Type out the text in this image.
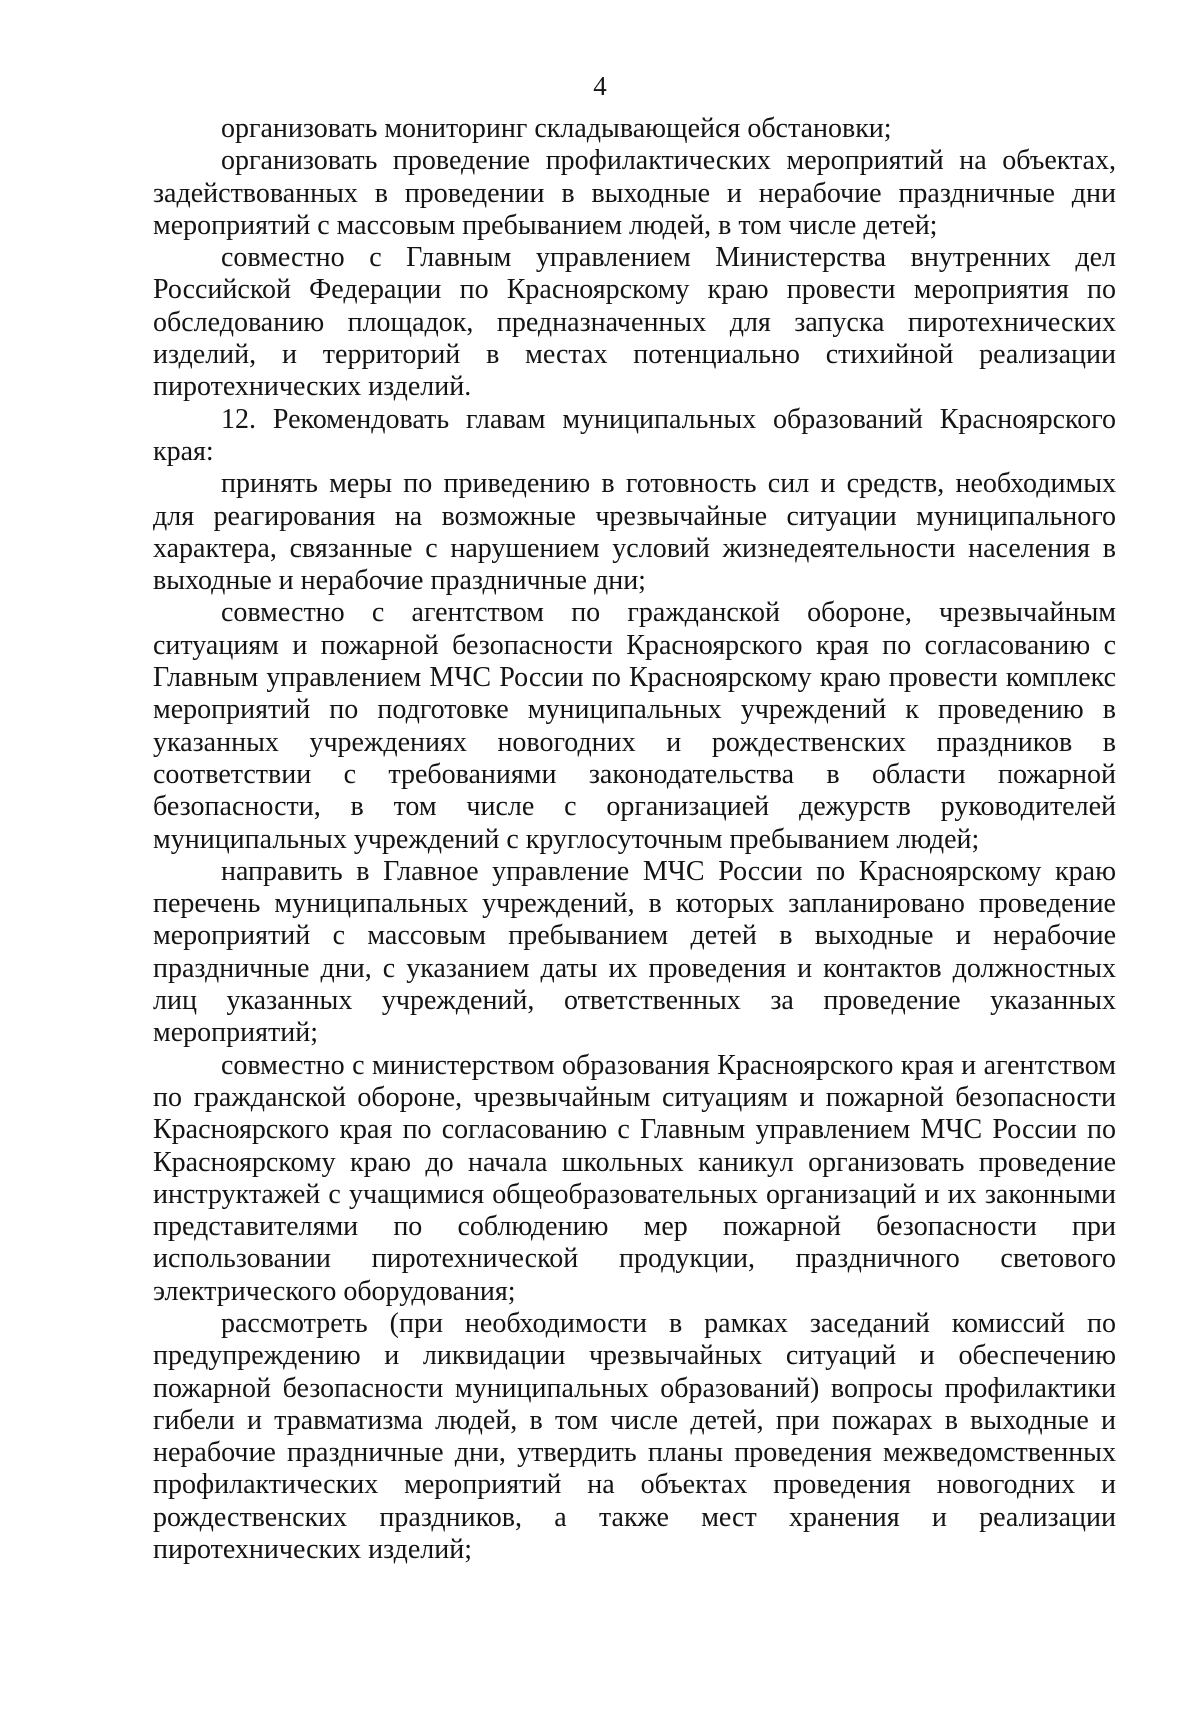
4

организовать мониторинг складывающейся обстановки;

организовать проведение профилактических мероприятий на объектах, задействованных в проведении в выходные и нерабочие праздничные дни мероприятий с массовым пребыванием людей, в том числе детей;

совместно с Главным управлением Министерства внутренних дел Российской Федерации по Красноярскому краю провести мероприятия по обследованию площадок, предназначенных для запуска пиротехнических изделий, и территорий в местах потенциально стихийной реализации пиротехнических изделий.

12. Рекомендовать главам муниципальных образований Красноярского края:

принять меры по приведению в готовность сил и средств, необходимых для реагирования на возможные чрезвычайные ситуации муниципального характера, связанные с нарушением условий жизнедеятельности населения в выходные и нерабочие праздничные дни;

совместно с агентством по гражданской обороне, чрезвычайным ситуациям и пожарной безопасности Красноярского края по согласованию с Главным управлением МЧС России по Красноярскому краю провести комплекс мероприятий по подготовке муниципальных учреждений к проведению в указанных учреждениях новогодних и рождественских праздников в соответствии с требованиями законодательства в области пожарной безопасности, в том числе с организацией дежурств руководителей муниципальных учреждений с круглосуточным пребыванием людей;

направить в Главное управление МЧС России по Красноярскому краю перечень муниципальных учреждений, в которых запланировано проведение мероприятий с массовым пребыванием детей в выходные и нерабочие праздничные дни, с указанием даты их проведения и контактов должностных лиц указанных учреждений, ответственных за проведение указанных мероприятий;

совместно с министерством образования Красноярского края и агентством по гражданской обороне, чрезвычайным ситуациям и пожарной безопасности Красноярского края по согласованию с Главным управлением МЧС России по Красноярскому краю до начала школьных каникул организовать проведение инструктажей с учащимися общеобразовательных организаций и их законными представителями по соблюдению мер пожарной безопасности при использовании пиротехнической продукции, праздничного светового электрического оборудования;

рассмотреть (при необходимости в рамках заседаний комиссий по предупреждению и ликвидации чрезвычайных ситуаций и обеспечению пожарной безопасности муниципальных образований) вопросы профилактики гибели и травматизма людей, в том числе детей, при пожарах в выходные и нерабочие праздничные дни, утвердить планы проведения межведомственных профилактических мероприятий на объектах проведения новогодних и рождественских праздников, а также мест хранения и реализации пиротехнических изделий;
